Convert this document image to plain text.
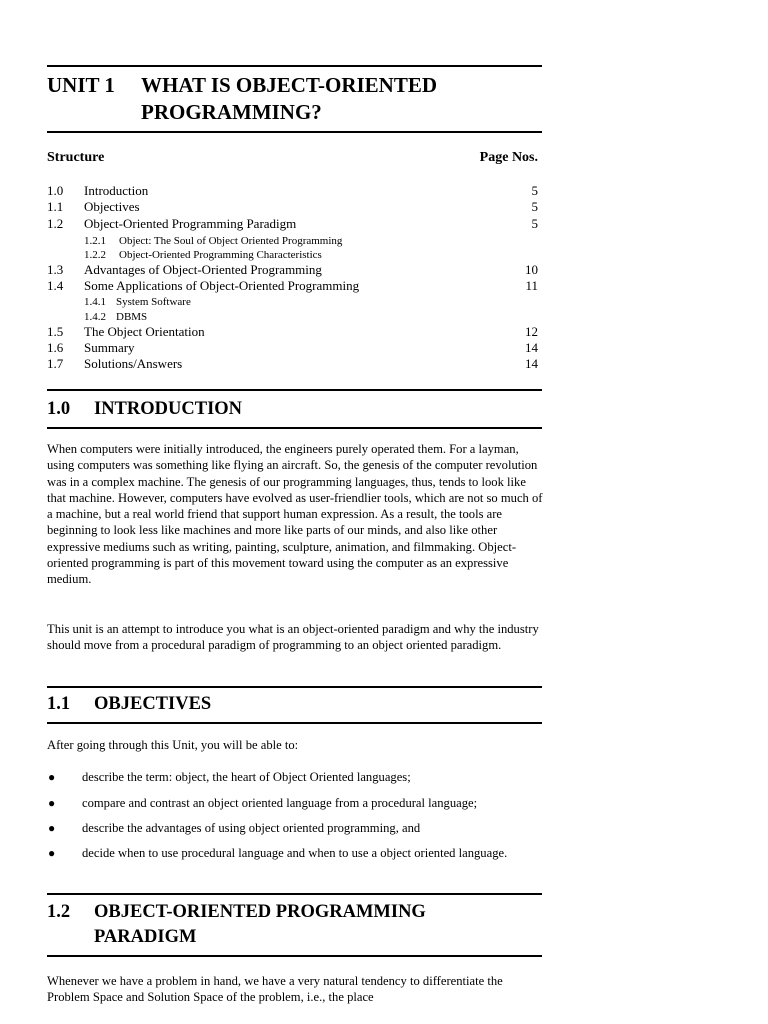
UNIT 1 WHAT IS OBJECT-ORIENTED
PROGRAMMING?
Structure	Page Nos.
1.0 Introduction	5
1.1 Objectives	5
1.2 Object-Oriented Programming Paradigm	5
1.2.1 Object: The Soul of Object Oriented Programming
1.2.2 Object-Oriented Programming Characteristics
1.3 Advantages of Object-Oriented Programming	10
1.4 Some Applications of Object-Oriented Programming	11
1.4.1 System Software
1.4.2 DBMS
1.5 The Object Orientation	12
1.6 Summary	14
1.7 Solutions/Answers	14
1.0 INTRODUCTION
When computers were initially introduced, the engineers purely operated them. For a layman, using computers was something like flying an aircraft. So, the genesis of the computer revolution was in a complex machine. The genesis of our programming languages, thus, tends to look like that machine. However, computers have evolved as user-friendlier tools, which are not so much of a machine, but a real world friend that support human expression. As a result, the tools are beginning to look less like machines and more like parts of our minds, and also like other expressive mediums such as writing, painting, sculpture, animation, and filmmaking. Object-oriented programming is part of this movement toward using the computer as an expressive medium.
This unit is an attempt to introduce you what is an object-oriented paradigm and why the industry should move from a procedural paradigm of programming to an object oriented paradigm.
1.1 OBJECTIVES
After going through this Unit, you will be able to:
● describe the term: object, the heart of Object Oriented languages;
● compare and contrast an object oriented language from a procedural language;
● describe the advantages of using object oriented programming, and
● decide when to use procedural language and when to use a object oriented language.
1.2 OBJECT-ORIENTED PROGRAMMING
PARADIGM
Whenever we have a problem in hand, we have a very natural tendency to differentiate the Problem Space and Solution Space of the problem, i.e., the place
